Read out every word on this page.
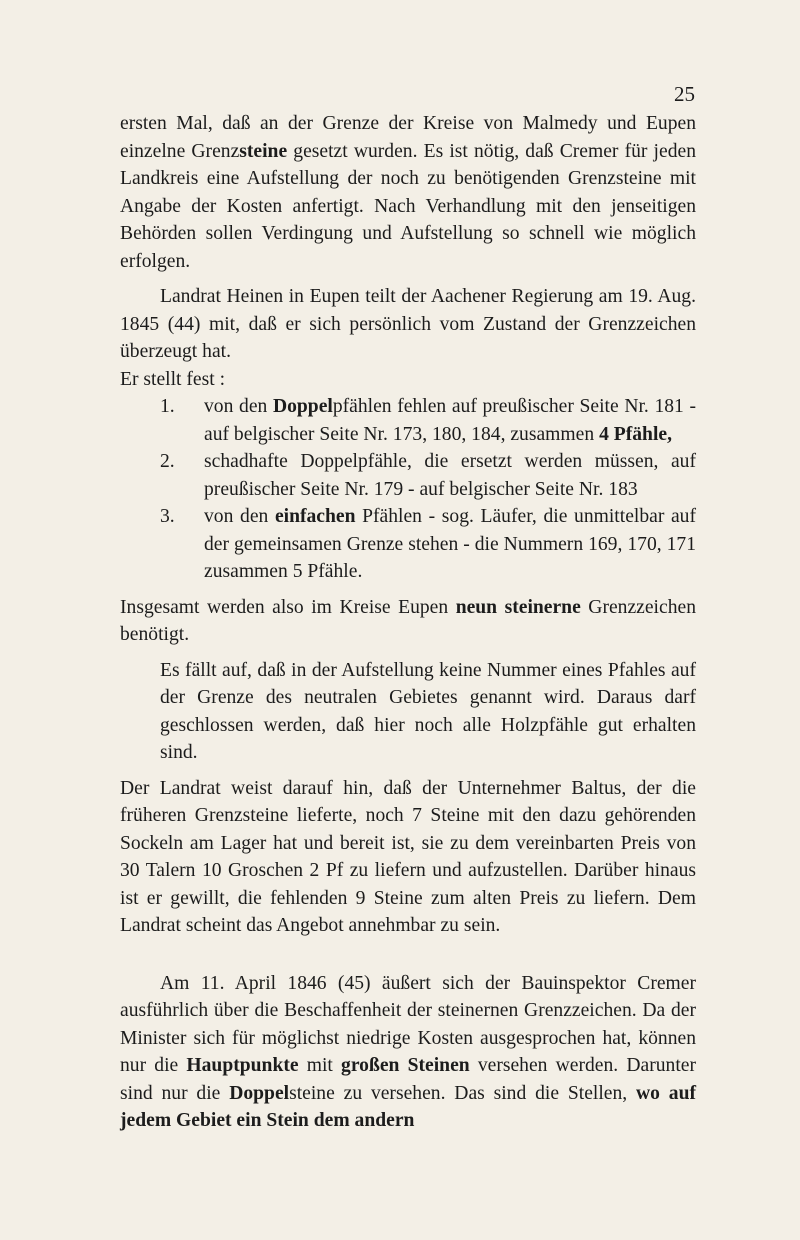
25

ersten Mal, daß an der Grenze der Kreise von Malmedy und Eupen einzelne Grenzsteine gesetzt wurden. Es ist nötig, daß Cremer für jeden Landkreis eine Aufstellung der noch zu benötigenden Grenzsteine mit Angabe der Kosten anfertigt. Nach Verhandlung mit den jenseitigen Behörden sollen Verdingung und Aufstellung so schnell wie möglich erfolgen.

Landrat Heinen in Eupen teilt der Aachener Regierung am 19. Aug. 1845 (44) mit, daß er sich persönlich vom Zustand der Grenzzeichen überzeugt hat.

Er stellt fest :

1. von den Doppelpfählen fehlen auf preußischer Seite Nr. 181 - auf belgischer Seite Nr. 173, 180, 184, zusammen 4 Pfähle,
2. schadhafte Doppelpfähle, die ersetzt werden müssen, auf preußischer Seite Nr. 179 - auf belgischer Seite Nr. 183
3. von den einfachen Pfählen - sog. Läufer, die unmittelbar auf der gemeinsamen Grenze stehen - die Nummern 169, 170, 171 zusammen 5 Pfähle.

Insgesamt werden also im Kreise Eupen neun steinerne Grenzzeichen benötigt.

Es fällt auf, daß in der Aufstellung keine Nummer eines Pfahles auf der Grenze des neutralen Gebietes genannt wird. Daraus darf geschlossen werden, daß hier noch alle Holzpfähle gut erhalten sind.

Der Landrat weist darauf hin, daß der Unternehmer Baltus, der die früheren Grenzsteine lieferte, noch 7 Steine mit den dazu gehörenden Sockeln am Lager hat und bereit ist, sie zu dem vereinbarten Preis von 30 Talern 10 Groschen 2 Pf zu liefern und aufzustellen. Darüber hinaus ist er gewillt, die fehlenden 9 Steine zum alten Preis zu liefern. Dem Landrat scheint das Angebot annehmbar zu sein.

Am 11. April 1846 (45) äußert sich der Bauinspektor Cremer ausführlich über die Beschaffenheit der steinernen Grenzzeichen. Da der Minister sich für möglichst niedrige Kosten ausgesprochen hat, können nur die Hauptpunkte mit großen Steinen versehen werden. Darunter sind nur die Doppelsteine zu versehen. Das sind die Stellen, wo auf jedem Gebiet ein Stein dem andern
